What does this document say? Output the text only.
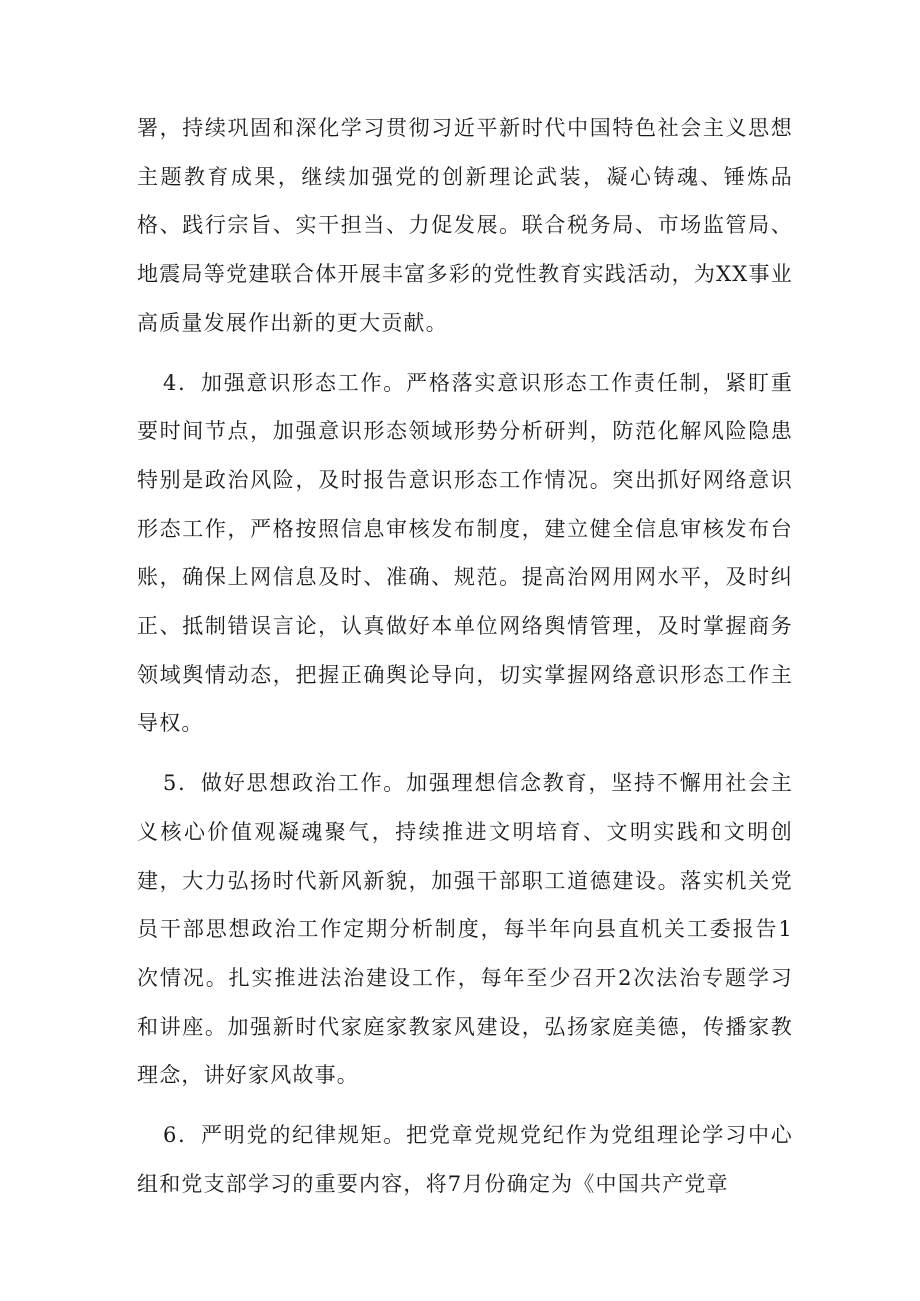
署，持续巩固和深化学习贯彻习近平新时代中国特色社会主义思想主题教育成果，继续加强党的创新理论武装，凝心铸魂、锤炼品格、践行宗旨、实干担当、力促发展。联合税务局、市场监管局、地震局等党建联合体开展丰富多彩的党性教育实践活动，为XX事业高质量发展作出新的更大贡献。

4．加强意识形态工作。严格落实意识形态工作责任制，紧盯重要时间节点，加强意识形态领域形势分析研判，防范化解风险隐患特别是政治风险，及时报告意识形态工作情况。突出抓好网络意识形态工作，严格按照信息审核发布制度，建立健全信息审核发布台账，确保上网信息及时、准确、规范。提高治网用网水平，及时纠正、抵制错误言论，认真做好本单位网络舆情管理，及时掌握商务领域舆情动态，把握正确舆论导向，切实掌握网络意识形态工作主导权。

5．做好思想政治工作。加强理想信念教育，坚持不懈用社会主义核心价值观凝魂聚气，持续推进文明培育、文明实践和文明创建，大力弘扬时代新风新貌，加强干部职工道德建设。落实机关党员干部思想政治工作定期分析制度，每半年向县直机关工委报告1次情况。扎实推进法治建设工作，每年至少召开2次法治专题学习和讲座。加强新时代家庭家教家风建设，弘扬家庭美德，传播家教理念，讲好家风故事。

6．严明党的纪律规矩。把党章党规党纪作为党组理论学习中心组和党支部学习的重要内容，将7月份确定为《中国共产党章
